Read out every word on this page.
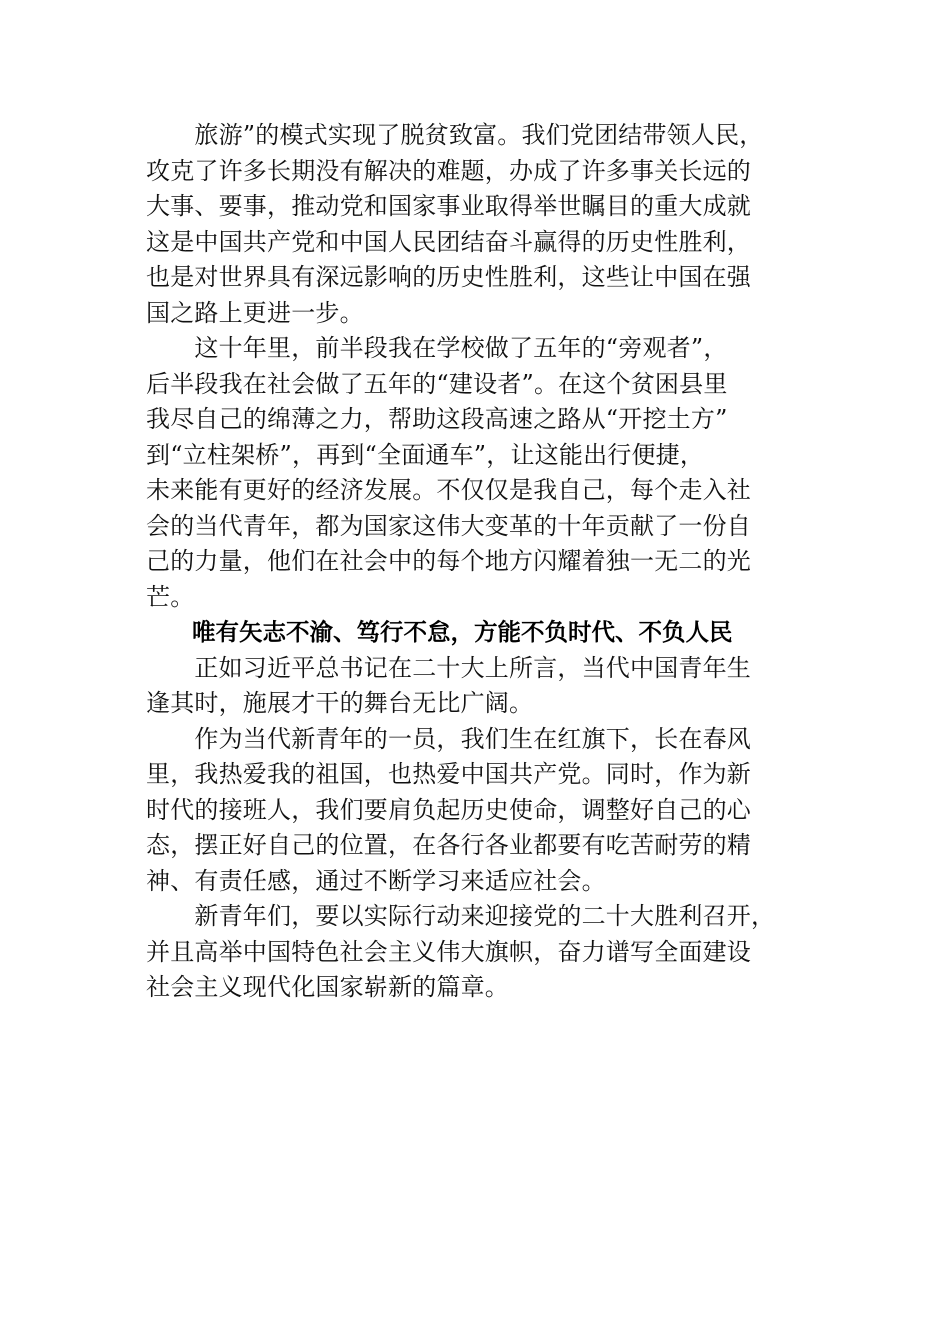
　　旅游”的模式实现了脱贫致富。我们党团结带领人民，
攻克了许多长期没有解决的难题，办成了许多事关长远的
大事、要事，推动党和国家事业取得举世瞩目的重大成就
这是中国共产党和中国人民团结奋斗赢得的历史性胜利，
也是对世界具有深远影响的历史性胜利，这些让中国在强
国之路上更进一步。
　　这十年里，前半段我在学校做了五年的“旁观者”，
后半段我在社会做了五年的“建设者”。在这个贫困县里
我尽自己的绵薄之力，帮助这段高速之路从“开挖土方”
到“立柱架桥”，再到“全面通车”，让这能出行便捷，
未来能有更好的经济发展。不仅仅是我自己，每个走入社
会的当代青年，都为国家这伟大变革的十年贡献了一份自
己的力量，他们在社会中的每个地方闪耀着独一无二的光
芒。
唯有矢志不渝、笃行不怠，方能不负时代、不负人民
　　正如习近平总书记在二十大上所言，当代中国青年生
逢其时，施展才干的舞台无比广阔。
　　作为当代新青年的一员，我们生在红旗下，长在春风
里，我热爱我的祖国，也热爱中国共产党。同时，作为新
时代的接班人，我们要肩负起历史使命，调整好自己的心
态，摆正好自己的位置，在各行各业都要有吃苦耐劳的精
神、有责任感，通过不断学习来适应社会。
　　新青年们，要以实际行动来迎接党的二十大胜利召开，
并且高举中国特色社会主义伟大旗帜，奋力谱写全面建设
社会主义现代化国家崭新的篇章。
